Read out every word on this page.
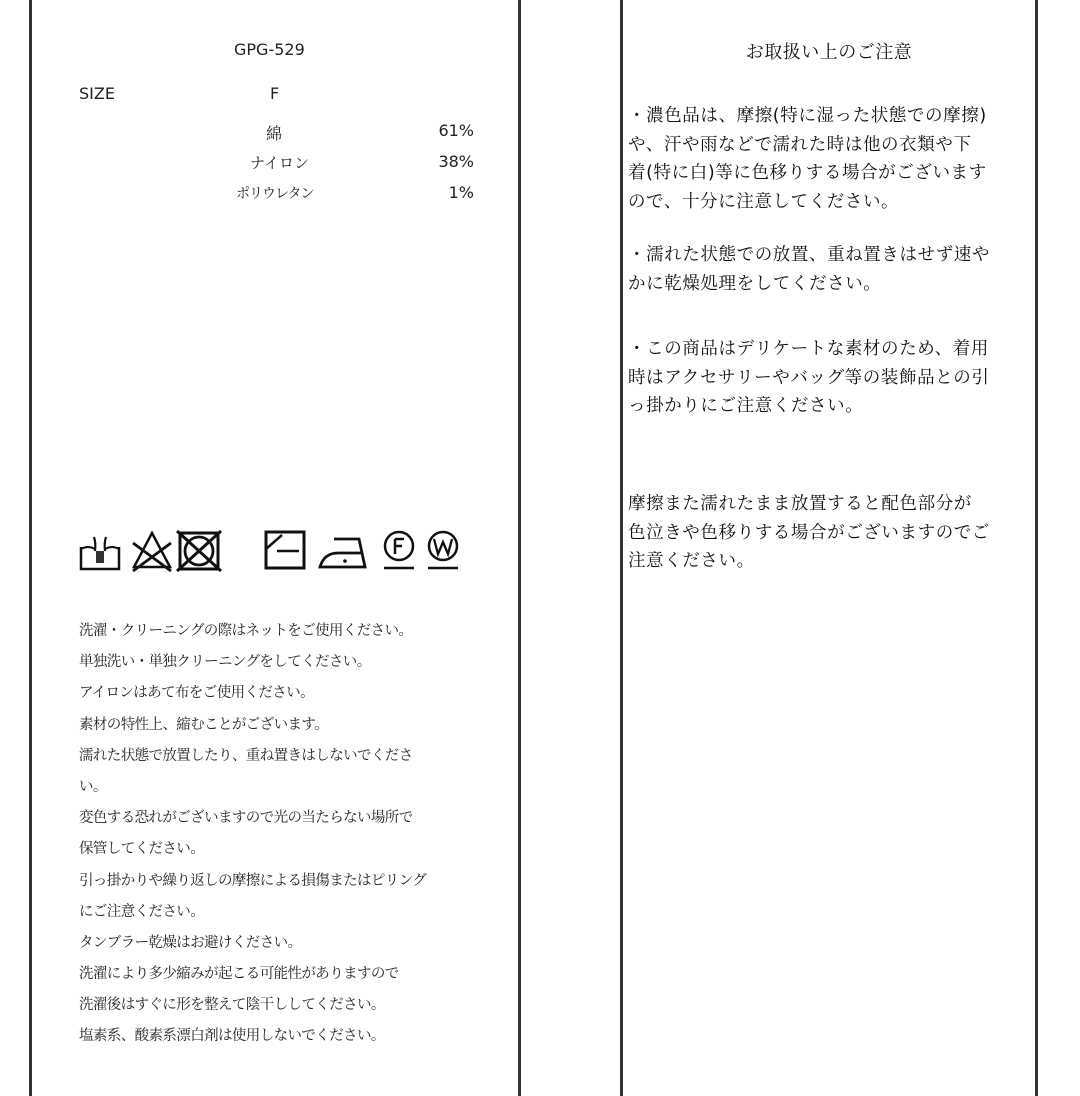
GPG-529
SIZE	F
綿	61%
ナイロン	38%
ポリウレタン	1%
洗濯・クリーニングの際はネットをご使用ください。
単独洗い・単独クリーニングをしてください。
アイロンはあて布をご使用ください。
素材の特性上、縮むことがございます。
濡れた状態で放置したり、重ね置きはしないでくださ
い。
変色する恐れがございますので光の当たらない場所で
保管してください。
引っ掛かりや繰り返しの摩擦による損傷またはピリング
にご注意ください。
タンブラー乾燥はお避けください。
洗濯により多少縮みが起こる可能性がありますので
洗濯後はすぐに形を整えて陰干ししてください。
塩素系、酸素系漂白剤は使用しないでください。
お取扱い上のご注意
・濃色品は、摩擦(特に湿った状態での摩擦)
や、汗や雨などで濡れた時は他の衣類や下
着(特に白)等に色移りする場合がございます
ので、十分に注意してください。
・濡れた状態での放置、重ね置きはせず速や
かに乾燥処理をしてください。
・この商品はデリケートな素材のため、着用
時はアクセサリーやバッグ等の装飾品との引
っ掛かりにご注意ください。
摩擦また濡れたまま放置すると配色部分が
色泣きや色移りする場合がございますのでご
注意ください。
